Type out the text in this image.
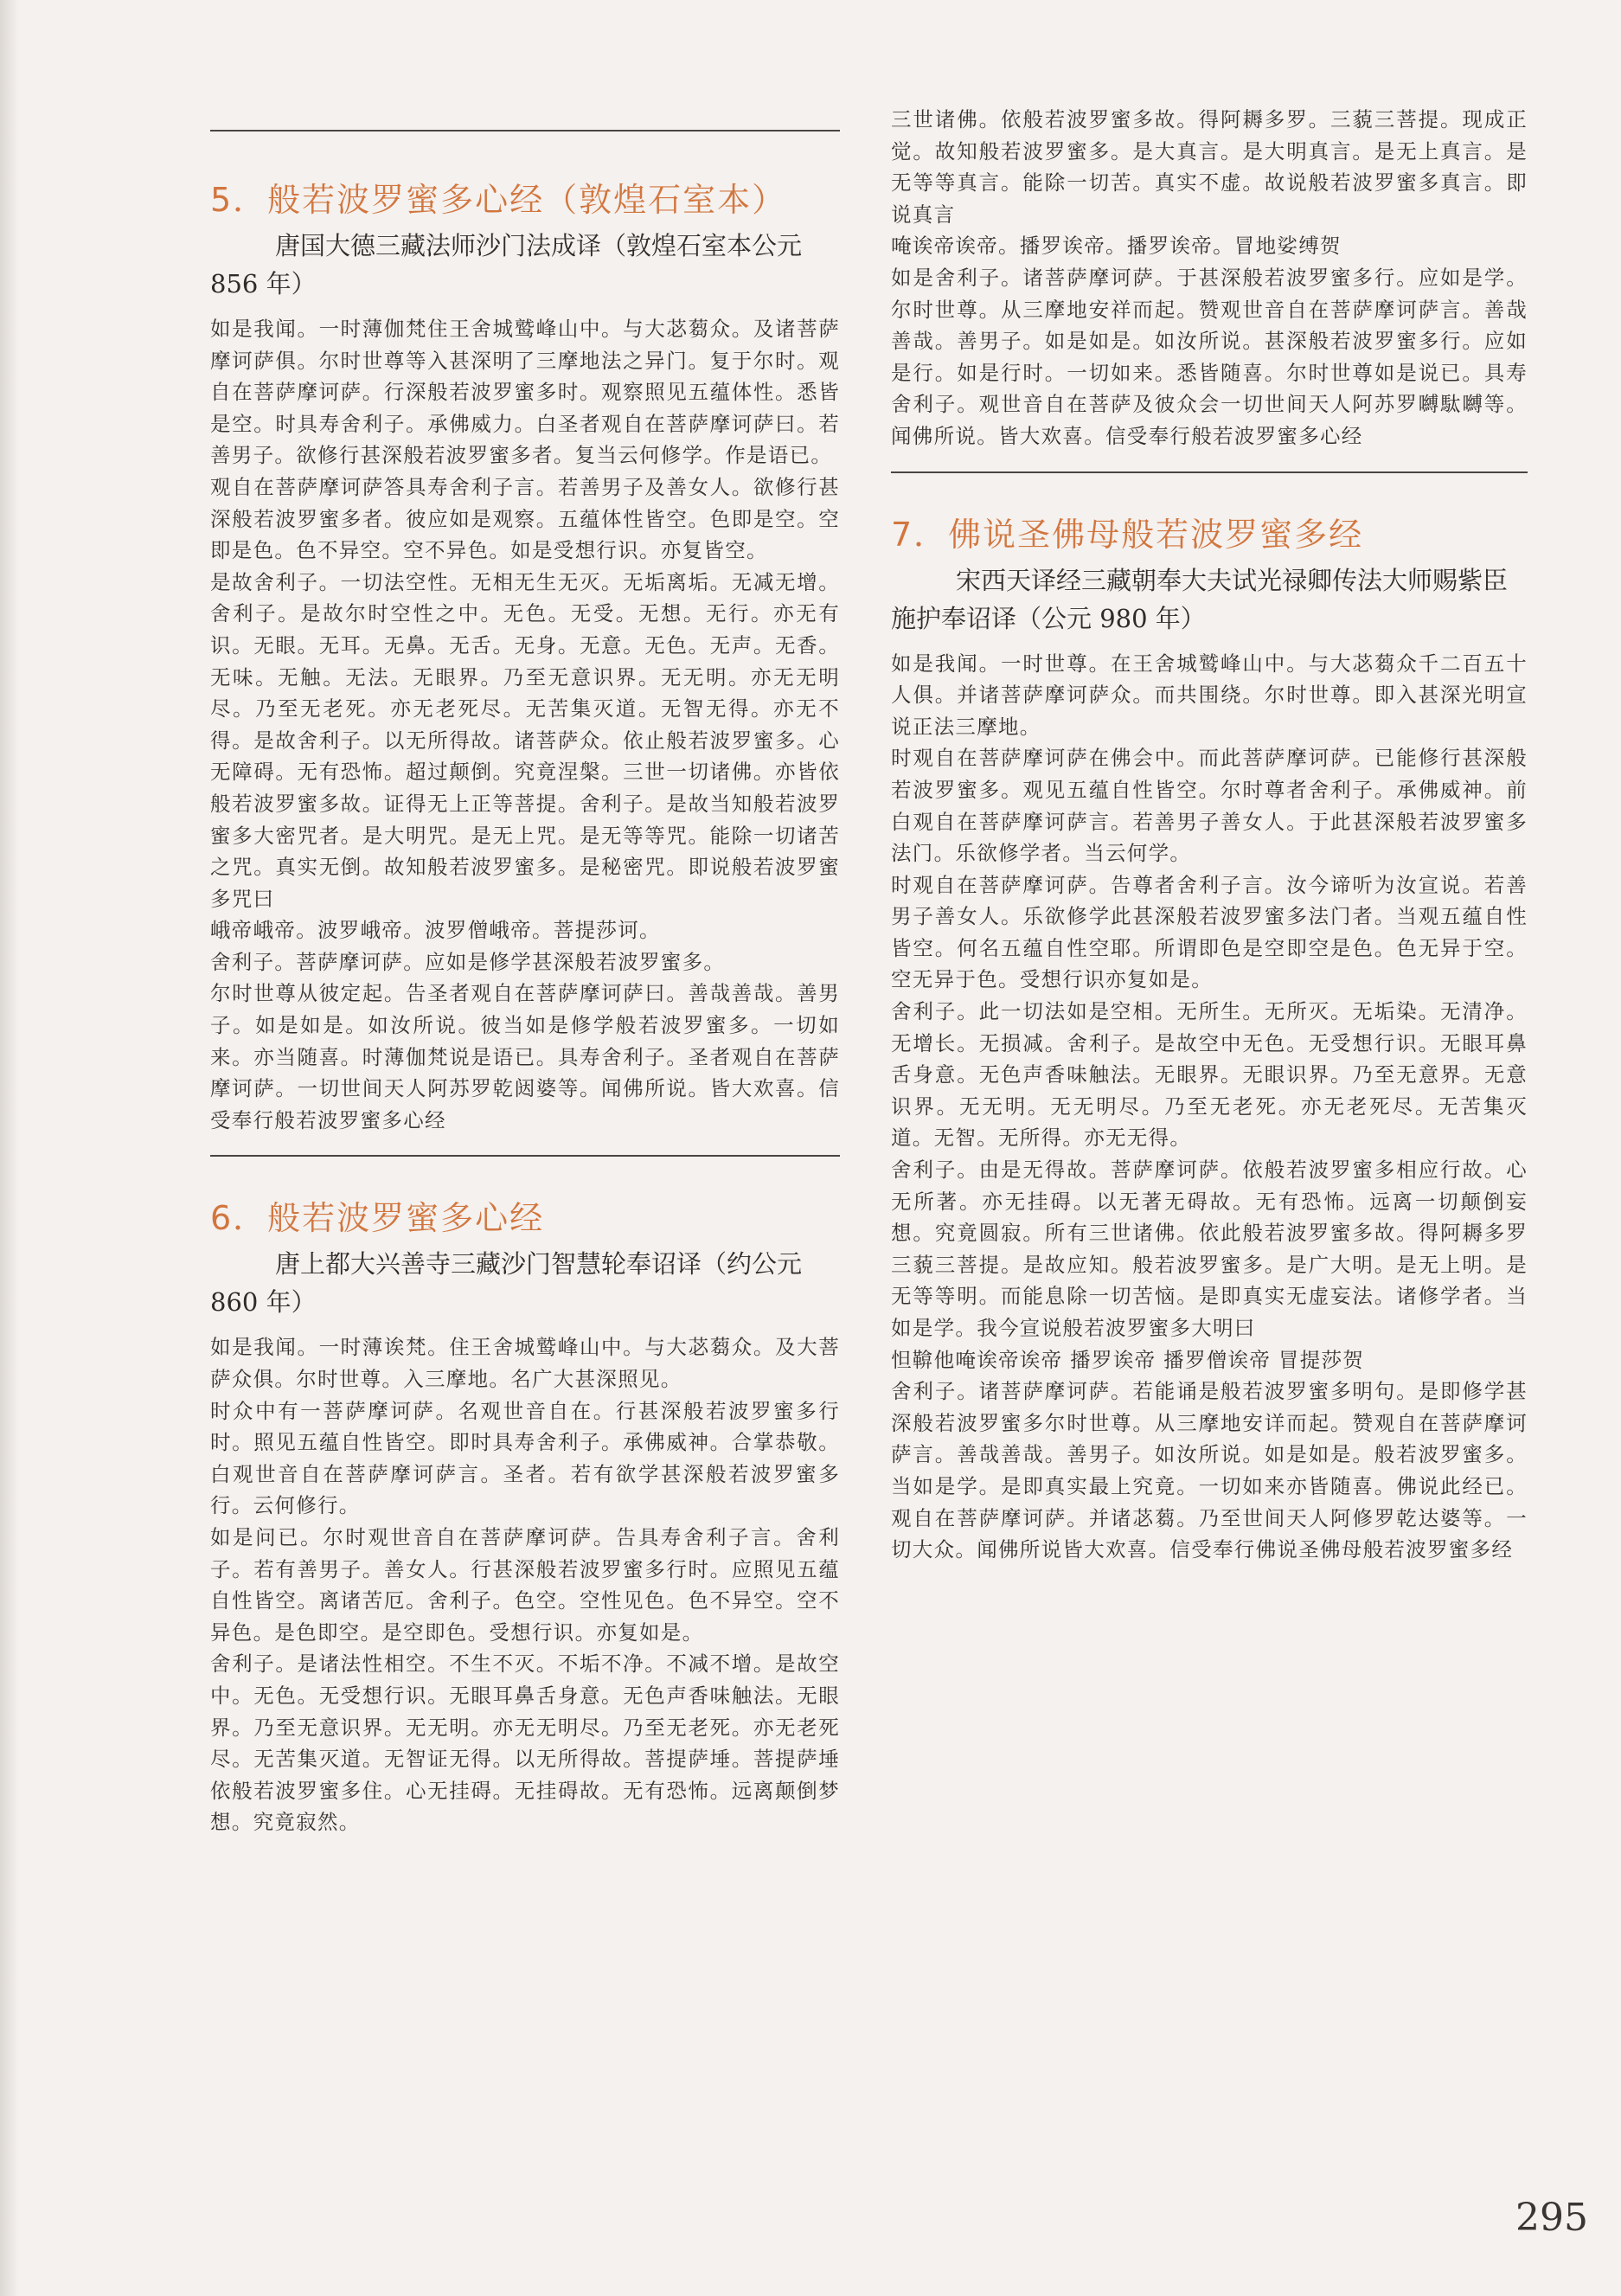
5．般若波罗蜜多心经（敦煌石室本）

唐国大德三藏法师沙门法成译（敦煌石室本公元 856 年）

如是我闻。一时薄伽梵住王舍城鹫峰山中。与大苾蒭众。及诸菩萨摩诃萨俱。尔时世尊等入甚深明了三摩地法之异门。复于尔时。观自在菩萨摩诃萨。行深般若波罗蜜多时。观察照见五蕴体性。悉皆是空。时具寿舍利子。承佛威力。白圣者观自在菩萨摩诃萨曰。若善男子。欲修行甚深般若波罗蜜多者。复当云何修学。作是语已。

观自在菩萨摩诃萨答具寿舍利子言。若善男子及善女人。欲修行甚深般若波罗蜜多者。彼应如是观察。五蕴体性皆空。色即是空。空即是色。色不异空。空不异色。如是受想行识。亦复皆空。

是故舍利子。一切法空性。无相无生无灭。无垢离垢。无减无增。舍利子。是故尔时空性之中。无色。无受。无想。无行。亦无有识。无眼。无耳。无鼻。无舌。无身。无意。无色。无声。无香。无味。无触。无法。无眼界。乃至无意识界。无无明。亦无无明尽。乃至无老死。亦无老死尽。无苦集灭道。无智无得。亦无不得。是故舍利子。以无所得故。诸菩萨众。依止般若波罗蜜多。心无障碍。无有恐怖。超过颠倒。究竟涅槃。三世一切诸佛。亦皆依般若波罗蜜多故。证得无上正等菩提。舍利子。是故当知般若波罗蜜多大密咒者。是大明咒。是无上咒。是无等等咒。能除一切诸苦之咒。真实无倒。故知般若波罗蜜多。是秘密咒。即说般若波罗蜜多咒曰

峨帝峨帝。波罗峨帝。波罗僧峨帝。菩提莎诃。

舍利子。菩萨摩诃萨。应如是修学甚深般若波罗蜜多。

尔时世尊从彼定起。告圣者观自在菩萨摩诃萨曰。善哉善哉。善男子。如是如是。如汝所说。彼当如是修学般若波罗蜜多。一切如来。亦当随喜。时薄伽梵说是语已。具寿舍利子。圣者观自在菩萨摩诃萨。一切世间天人阿苏罗乾闼婆等。闻佛所说。皆大欢喜。信受奉行般若波罗蜜多心经

6．般若波罗蜜多心经

唐上都大兴善寺三藏沙门智慧轮奉诏译（约公元 860 年）

如是我闻。一时薄诶梵。住王舍城鹫峰山中。与大苾蒭众。及大菩萨众俱。尔时世尊。入三摩地。名广大甚深照见。

时众中有一菩萨摩诃萨。名观世音自在。行甚深般若波罗蜜多行时。照见五蕴自性皆空。即时具寿舍利子。承佛威神。合掌恭敬。白观世音自在菩萨摩诃萨言。圣者。若有欲学甚深般若波罗蜜多行。云何修行。

如是问已。尔时观世音自在菩萨摩诃萨。告具寿舍利子言。舍利子。若有善男子。善女人。行甚深般若波罗蜜多行时。应照见五蕴自性皆空。离诸苦厄。舍利子。色空。空性见色。色不异空。空不异色。是色即空。是空即色。受想行识。亦复如是。

舍利子。是诸法性相空。不生不灭。不垢不净。不减不增。是故空中。无色。无受想行识。无眼耳鼻舌身意。无色声香味触法。无眼界。乃至无意识界。无无明。亦无无明尽。乃至无老死。亦无老死尽。无苦集灭道。无智证无得。以无所得故。菩提萨埵。菩提萨埵依般若波罗蜜多住。心无挂碍。无挂碍故。无有恐怖。远离颠倒梦想。究竟寂然。

三世诸佛。依般若波罗蜜多故。得阿耨多罗。三藐三菩提。现成正觉。故知般若波罗蜜多。是大真言。是大明真言。是无上真言。是无等等真言。能除一切苦。真实不虚。故说般若波罗蜜多真言。即说真言

唵诶帝诶帝。播罗诶帝。播罗诶帝。冒地娑缚贺

如是舍利子。诸菩萨摩诃萨。于甚深般若波罗蜜多行。应如是学。尔时世尊。从三摩地安祥而起。赞观世音自在菩萨摩诃萨言。善哉善哉。善男子。如是如是。如汝所说。甚深般若波罗蜜多行。应如是行。如是行时。一切如来。悉皆随喜。尔时世尊如是说已。具寿舍利子。观世音自在菩萨及彼众会一切世间天人阿苏罗嚩駄嚩等。闻佛所说。皆大欢喜。信受奉行般若波罗蜜多心经

7．佛说圣佛母般若波罗蜜多经

宋西天译经三藏朝奉大夫试光禄卿传法大师赐紫臣施护奉诏译（公元 980 年）

如是我闻。一时世尊。在王舍城鹫峰山中。与大苾蒭众千二百五十人俱。并诸菩萨摩诃萨众。而共围绕。尔时世尊。即入甚深光明宣说正法三摩地。

时观自在菩萨摩诃萨在佛会中。而此菩萨摩诃萨。已能修行甚深般若波罗蜜多。观见五蕴自性皆空。尔时尊者舍利子。承佛威神。前白观自在菩萨摩诃萨言。若善男子善女人。于此甚深般若波罗蜜多法门。乐欲修学者。当云何学。

时观自在菩萨摩诃萨。告尊者舍利子言。汝今谛听为汝宣说。若善男子善女人。乐欲修学此甚深般若波罗蜜多法门者。当观五蕴自性皆空。何名五蕴自性空耶。所谓即色是空即空是色。色无异于空。空无异于色。受想行识亦复如是。

舍利子。此一切法如是空相。无所生。无所灭。无垢染。无清净。无增长。无损减。舍利子。是故空中无色。无受想行识。无眼耳鼻舌身意。无色声香味触法。无眼界。无眼识界。乃至无意界。无意识界。无无明。无无明尽。乃至无老死。亦无老死尽。无苦集灭道。无智。无所得。亦无无得。

舍利子。由是无得故。菩萨摩诃萨。依般若波罗蜜多相应行故。心无所著。亦无挂碍。以无著无碍故。无有恐怖。远离一切颠倒妄想。究竟圆寂。所有三世诸佛。依此般若波罗蜜多故。得阿耨多罗三藐三菩提。是故应知。般若波罗蜜多。是广大明。是无上明。是无等等明。而能息除一切苦恼。是即真实无虚妄法。诸修学者。当如是学。我今宣说般若波罗蜜多大明曰

怛鞥他唵诶帝诶帝 播罗诶帝 播罗僧诶帝 冒提莎贺

舍利子。诸菩萨摩诃萨。若能诵是般若波罗蜜多明句。是即修学甚深般若波罗蜜多尔时世尊。从三摩地安详而起。赞观自在菩萨摩诃萨言。善哉善哉。善男子。如汝所说。如是如是。般若波罗蜜多。当如是学。是即真实最上究竟。一切如来亦皆随喜。佛说此经已。观自在菩萨摩诃萨。并诸苾蒭。乃至世间天人阿修罗乾达婆等。一切大众。闻佛所说皆大欢喜。信受奉行佛说圣佛母般若波罗蜜多经

295
